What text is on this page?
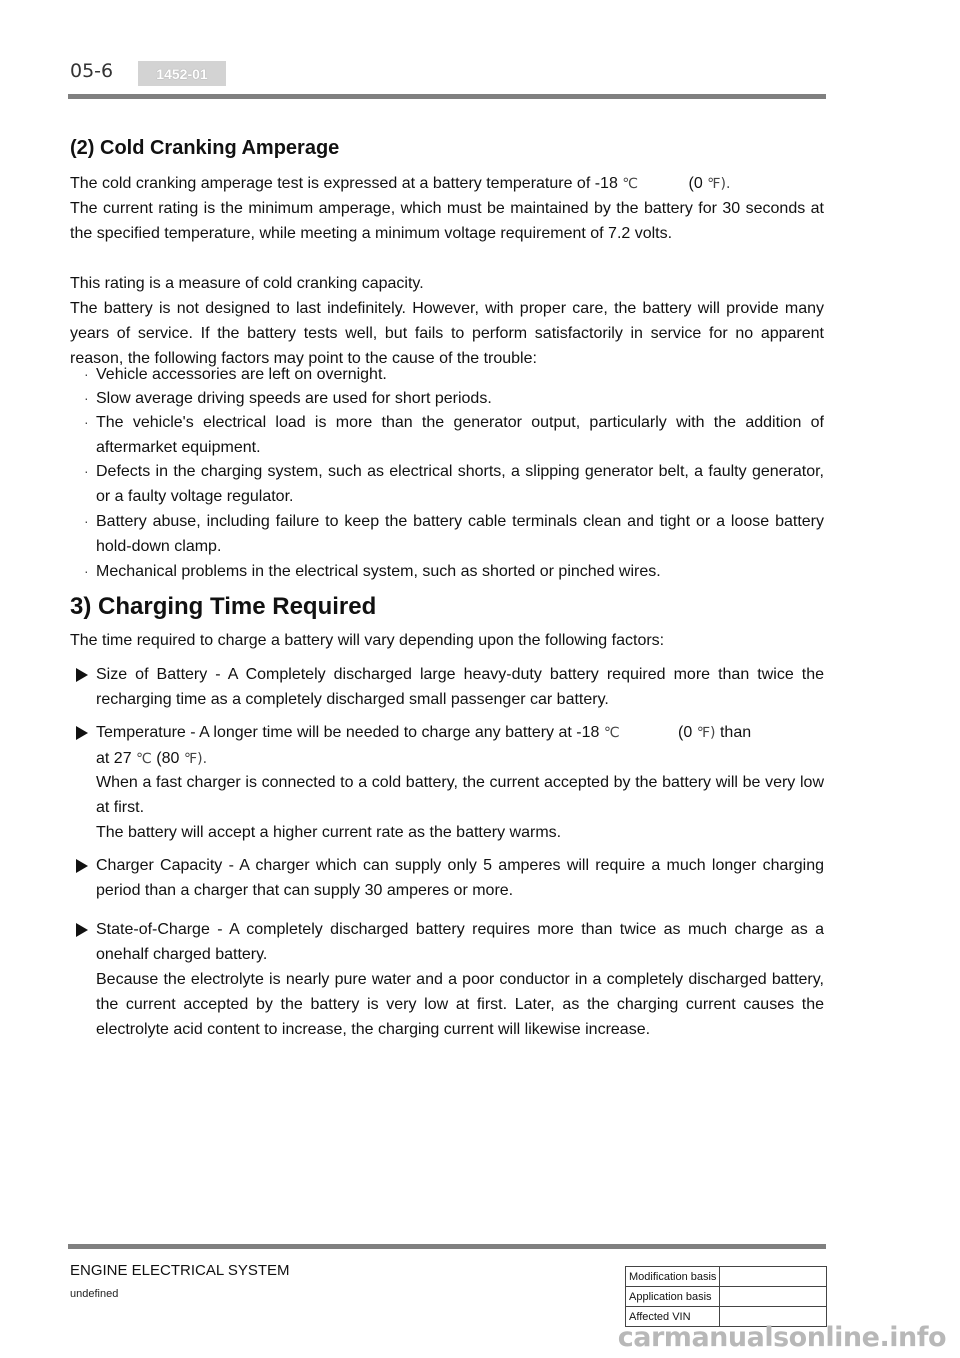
05-6	1452-01
(2) Cold Cranking Amperage

The cold cranking amperage test is expressed at a battery temperature of -18 ℃	(0 ℉).

The current rating is the minimum amperage, which must be maintained by the battery for 30 seconds at the specified temperature, while meeting a minimum voltage requirement of 7.2 volts.

This rating is a measure of cold cranking capacity.

The battery is not designed to last indefinitely. However, with proper care, the battery will provide many years of service. If the battery tests well, but fails to perform satisfactorily in service for no apparent reason, the following factors may point to the cause of the trouble:

· Vehicle accessories are left on overnight.
· Slow average driving speeds are used for short periods.
· The vehicle's electrical load is more than the generator output, particularly with the addition of aftermarket equipment.
· Defects in the charging system, such as electrical shorts, a slipping generator belt, a faulty generator, or a faulty voltage regulator.
· Battery abuse, including failure to keep the battery cable terminals clean and tight or a loose battery hold-down clamp.
· Mechanical problems in the electrical system, such as shorted or pinched wires.
3) Charging Time Required

The time required to charge a battery will vary depending upon the following factors:

Size of Battery - A Completely discharged large heavy-duty battery required more than twice the recharging time as a completely discharged small passenger car battery.
Temperature - A longer time will be needed to charge any battery at -18 ℃	(0 ℉) than
at 27 ℃ (80 ℉).

When a fast charger is connected to a cold battery, the current accepted by the battery will be very low at first.

The battery will accept a higher current rate as the battery warms.

Charger Capacity - A charger which can supply only 5 amperes will require a much longer charging period than a charger that can supply 30 amperes or more.
State-of-Charge - A completely discharged battery requires more than twice as much charge as a onehalf charged battery.

Because the electrolyte is nearly pure water and a poor conductor in a completely discharged battery, the current accepted by the battery is very low at first. Later, as the charging current causes the electrolyte acid content to increase, the charging current will likewise increase.

ENGINE ELECTRICAL SYSTEM
undefined
Modification basis	
Application basis	
Affected VIN	
carmanualsonline.info
